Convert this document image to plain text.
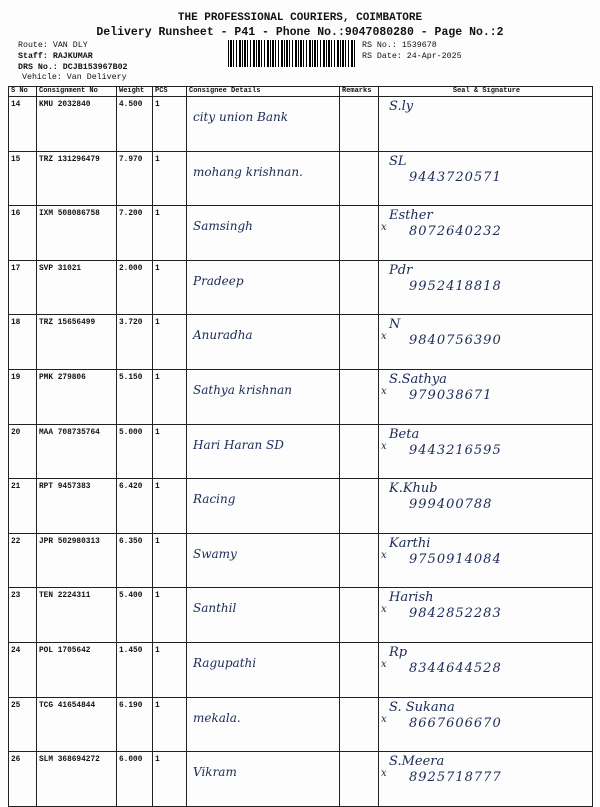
THE PROFESSIONAL COURIERS, COIMBATORE
Delivery Runsheet - P41 - Phone No.:9047080280 - Page No.:2
Route: VAN DLY
Staff: RAJKUMAR
DRS No.: DCJB153967B02
Vehicle: Van Delivery
RS No.: 1539678
RS Date: 24-Apr-2025
S No	Consignment No	Weight	PCS	Consignee Details	Remarks	Seal & Signature
14	KMU 2032840	4.500	1	city union Bank		S.ly

15	TRZ 131296479	7.970	1	mohang krishnan.		SL
9443720571

16	IXM 508086758	7.200	1	Samsingh		x
Esther
8072640232

17	SVP 31021	2.000	1	Pradeep		Pdr
9952418818

18	TRZ 15656499	3.720	1	Anuradha		x
N
9840756390

19	PMK 279806	5.150	1	Sathya krishnan		x
S.Sathya
979038671

20	MAA 708735764	5.000	1	Hari Haran SD		x
Beta
9443216595

21	RPT 9457383	6.420	1	Racing		K.Khub
999400788

22	JPR 502980313	6.350	1	Swamy		x
Karthi
9750914084

23	TEN 2224311	5.400	1	Santhil		x
Harish
9842852283

24	POL 1705642	1.450	1	Ragupathi		x
Rp
8344644528

25	TCG 41654844	6.190	1	mekala.		x
S. Sukana
8667606670

26	SLM 368694272	6.000	1	Vikram		x
S.Meera
8925718777
